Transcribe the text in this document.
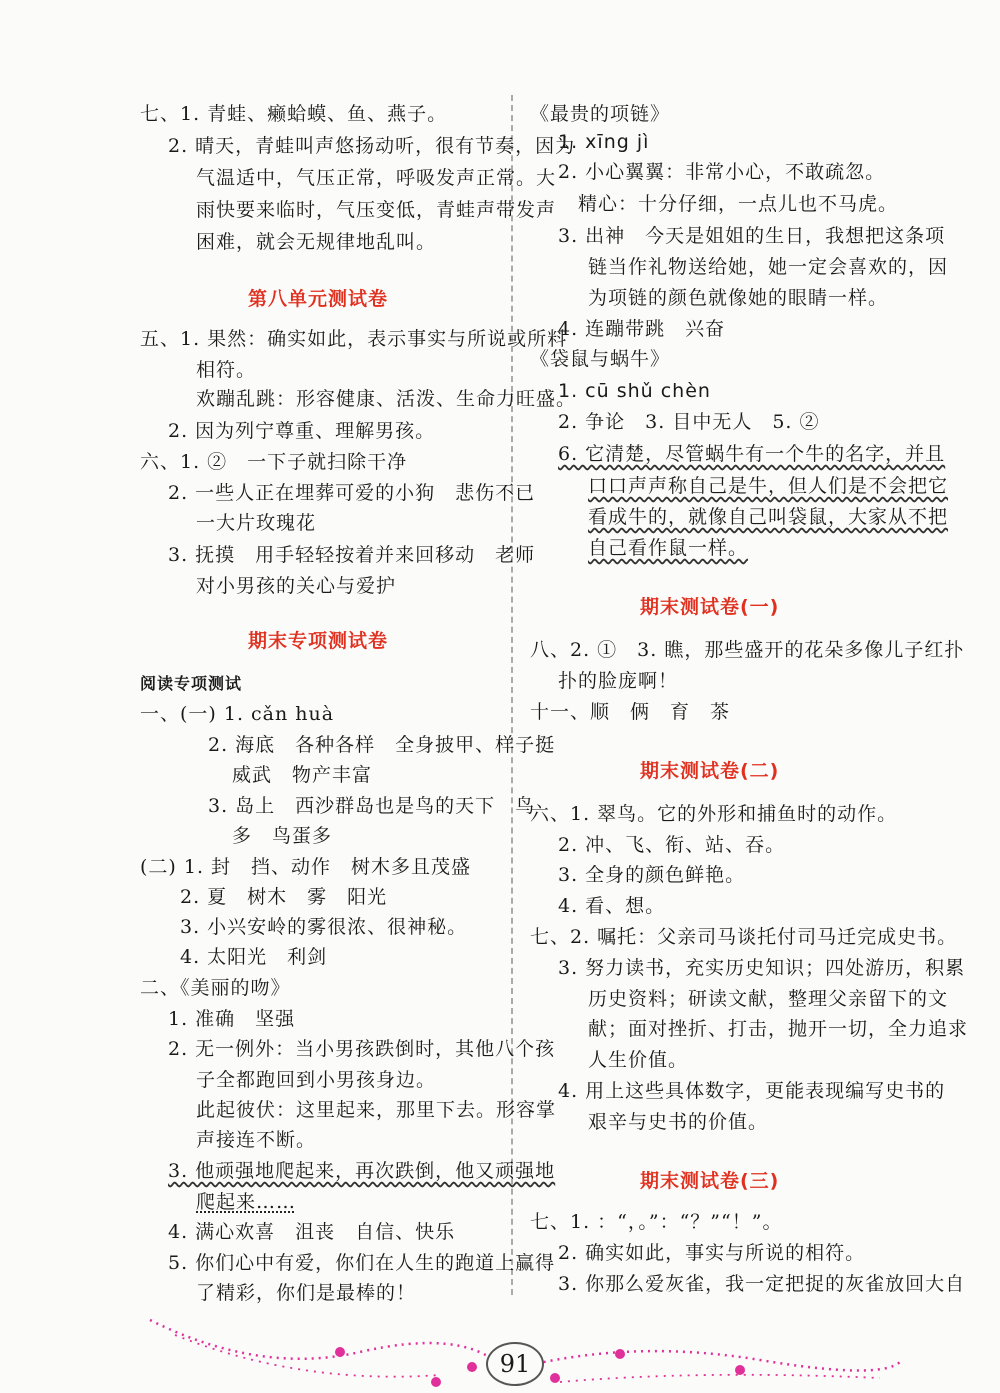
七、1. 青蛙、癞蛤蟆、鱼、燕子。
2. 晴天，青蛙叫声悠扬动听，很有节奏，因为
气温适中，气压正常，呼吸发声正常。大
雨快要来临时，气压变低，青蛙声带发声
困难，就会无规律地乱叫。
第八单元测试卷
五、1. 果然：确实如此，表示事实与所说或所料
相符。
欢蹦乱跳：形容健康、活泼、生命力旺盛。
2. 因为列宁尊重、理解男孩。
六、1. ②　一下子就扫除干净
2. 一些人正在埋葬可爱的小狗　悲伤不已
一大片玫瑰花
3. 抚摸　用手轻轻按着并来回移动　老师
对小男孩的关心与爱护
期末专项测试卷
阅读专项测试
一、(一) 1. cǎn huà
2. 海底　各种各样　全身披甲、样子挺
威武　物产丰富
3. 岛上　西沙群岛也是鸟的天下　鸟
多　鸟蛋多
(二) 1. 封　挡、动作　树木多且茂盛
2. 夏　树木　雾　阳光
3. 小兴安岭的雾很浓、很神秘。
4. 太阳光　利剑
二、《美丽的吻》
1. 准确　坚强
2. 无一例外：当小男孩跌倒时，其他八个孩
子全都跑回到小男孩身边。
此起彼伏：这里起来，那里下去。形容掌
声接连不断。
3. 他顽强地爬起来，再次跌倒，他又顽强地
爬起来……
4. 满心欢喜　沮丧　自信、快乐
5. 你们心中有爱，你们在人生的跑道上赢得
了精彩，你们是最棒的！
《最贵的项链》
1. xīng jì
2. 小心翼翼：非常小心，不敢疏忽。
精心：十分仔细，一点儿也不马虎。
3. 出神　今天是姐姐的生日，我想把这条项
链当作礼物送给她，她一定会喜欢的，因
为项链的颜色就像她的眼睛一样。
4. 连蹦带跳　兴奋
《袋鼠与蜗牛》
1. cū shǔ chèn
2. 争论　3. 目中无人　5. ②
6. 它清楚，尽管蜗牛有一个牛的名字，并且
口口声声称自己是牛，但人们是不会把它
看成牛的，就像自己叫袋鼠，大家从不把
自己看作鼠一样。
期末测试卷(一)
八、2. ①　3. 瞧，那些盛开的花朵多像儿子红扑
扑的脸庞啊！
十一、顺　俩　育　茶
期末测试卷(二)
六、1. 翠鸟。它的外形和捕鱼时的动作。
2. 冲、飞、衔、站、吞。
3. 全身的颜色鲜艳。
4. 看、想。
七、2. 嘱托：父亲司马谈托付司马迁完成史书。
3. 努力读书，充实历史知识；四处游历，积累
历史资料；研读文献，整理父亲留下的文
献；面对挫折、打击，抛开一切，全力追求
人生价值。
4. 用上这些具体数字，更能表现编写史书的
艰辛与史书的价值。
期末测试卷(三)
七、1. ：“，。”：“？”“！”。
2. 确实如此，事实与所说的相符。
3. 你那么爱灰雀，我一定把捉的灰雀放回大自
91
